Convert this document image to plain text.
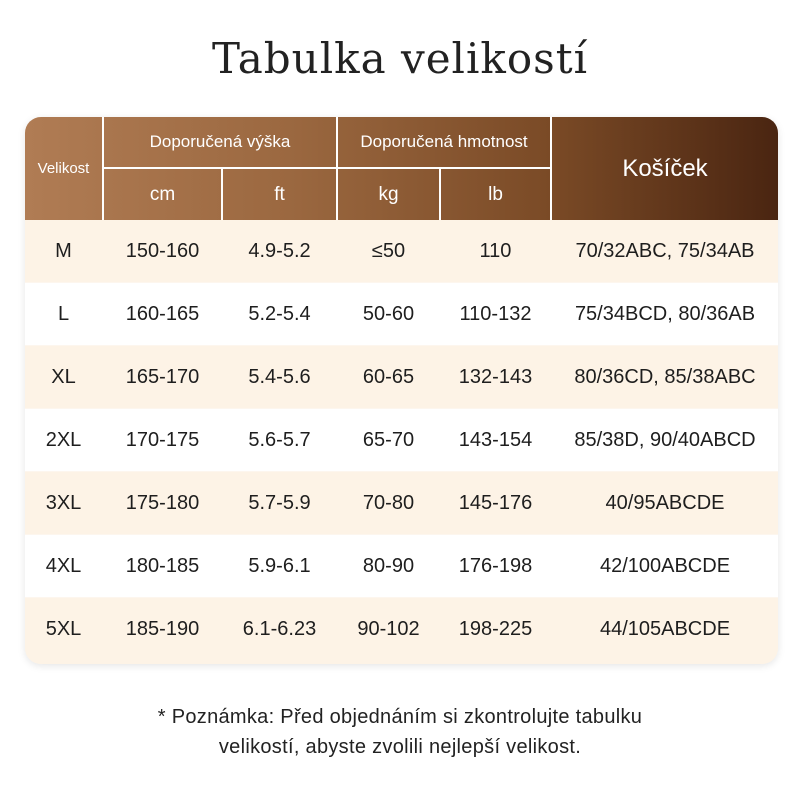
Tabulka velikostí
Velikost
Doporučená výška	Doporučená hmotnost
Košíček
cm	ft	kg	lb
M	150-160	4.9-5.2	≤50	110	70/32ABC, 75/34AB
L	160-165	5.2-5.4	50-60	110-132	75/34BCD, 80/36AB
XL	165-170	5.4-5.6	60-65	132-143	80/36CD, 85/38ABC
2XL	170-175	5.6-5.7	65-70	143-154	85/38D, 90/40ABCD
3XL	175-180	5.7-5.9	70-80	145-176	40/95ABCDE
4XL	180-185	5.9-6.1	80-90	176-198	42/100ABCDE
5XL	185-190	6.1-6.23	90-102	198-225	44/105ABCDE
* Poznámka: Před objednáním si zkontrolujte tabulku
velikostí, abyste zvolili nejlepší velikost.
